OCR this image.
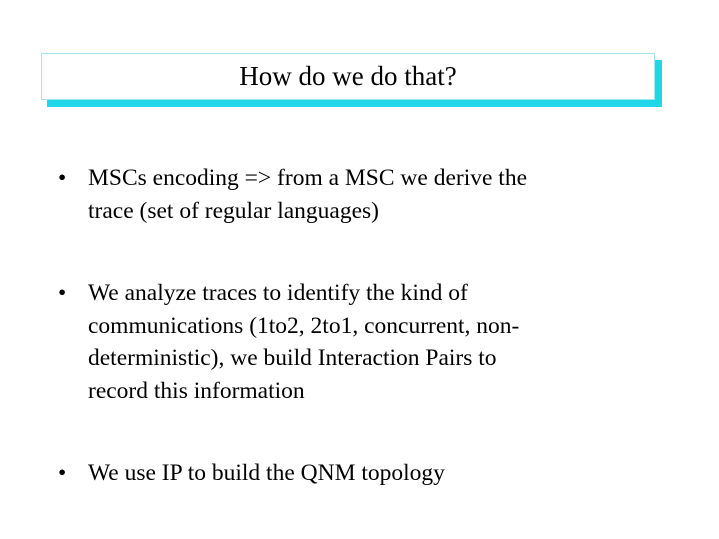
How do we do that?
• MSCs encoding => from a MSC we derive the
trace (set of regular languages)
• We analyze traces to identify the kind of
communications (1to2, 2to1, concurrent, non-
deterministic), we build Interaction Pairs to
record this information
• We use IP to build the QNM topology
